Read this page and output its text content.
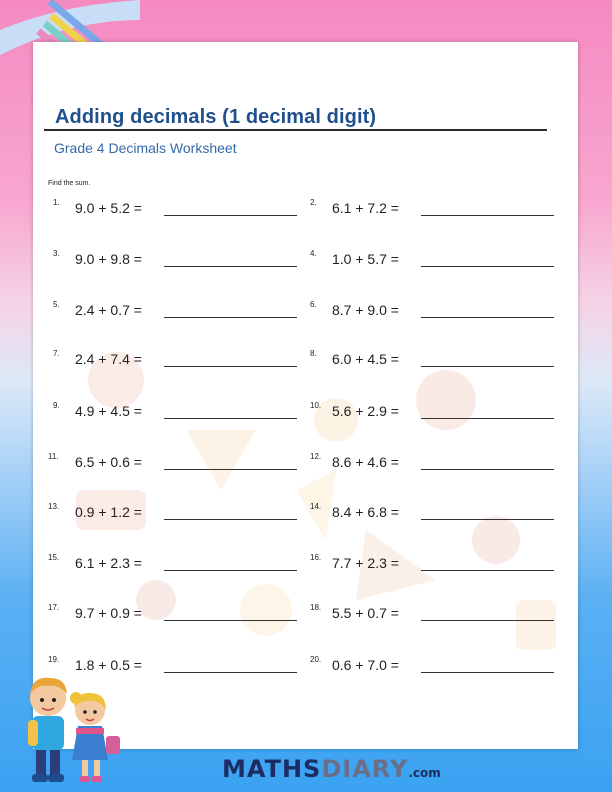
Adding decimals (1 decimal digit)
Grade 4 Decimals Worksheet
Find the sum.
1. 9.0 + 5.2 =	2. 6.1 + 7.2 =
3. 9.0 + 9.8 =	4. 1.0 + 5.7 =
5. 2.4 + 0.7 =	6. 8.7 + 9.0 =
7. 2.4 + 7.4 =	8. 6.0 + 4.5 =
9. 4.9 + 4.5 =	10. 5.6 + 2.9 =
11. 6.5 + 0.6 =	12. 8.6 + 4.6 =
13. 0.9 + 1.2 =	14. 8.4 + 6.8 =
15. 6.1 + 2.3 =	16. 7.7 + 2.3 =
17. 9.7 + 0.9 =	18. 5.5 + 0.7 =
19. 1.8 + 0.5 =	20. 0.6 + 7.0 =
MATHSDIARY.com
